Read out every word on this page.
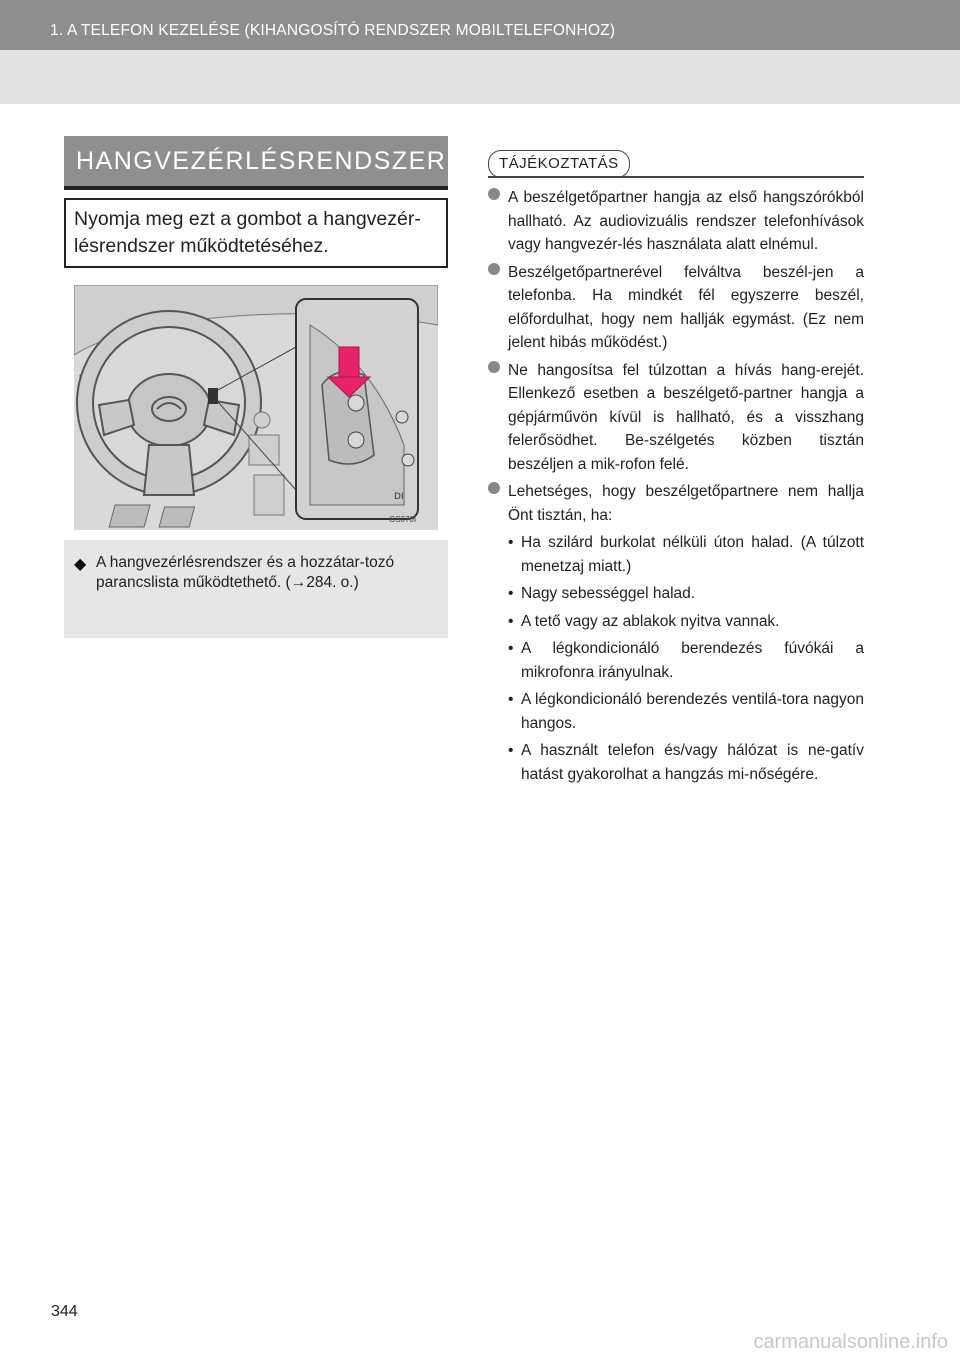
1. A TELEFON KEZELÉSE (KIHANGOSÍTÓ RENDSZER MOBILTELEFONHOZ)
HANGVEZÉRLÉSRENDSZER
Nyomja meg ezt a gombot a hangvezér-lésrendszer működtetéséhez.
DI
GS070I
◆ A hangvezérlésrendszer és a hozzátar-tozó parancslista működtethető. (→284. o.)
TÁJÉKOZTATÁS

A beszélgetőpartner hangja az első hangszórókból hallható. Az audiovizuális rendszer telefonhívások vagy hangvezér-lés használata alatt elnémul.

Beszélgetőpartnerével felváltva beszél-jen a telefonba. Ha mindkét fél egyszerre beszél, előfordulhat, hogy nem hallják egymást. (Ez nem jelent hibás működést.)

Ne hangosítsa fel túlzottan a hívás hang-erejét. Ellenkező esetben a beszélgető-partner hangja a gépjárművön kívül is hallható, és a visszhang felerősödhet. Be-szélgetés közben tisztán beszéljen a mik-rofon felé.

Lehetséges, hogy beszélgetőpartnere nem hallja Önt tisztán, ha:

• Ha szilárd burkolat nélküli úton halad. (A túlzott menetzaj miatt.)
• Nagy sebességgel halad.
• A tető vagy az ablakok nyitva vannak.
• A légkondicionáló berendezés fúvókái a mikrofonra irányulnak.
• A légkondicionáló berendezés ventilá-tora nagyon hangos.
• A használt telefon és/vagy hálózat is ne-gatív hatást gyakorolhat a hangzás mi-nőségére.
344
carmanualsonline.info
